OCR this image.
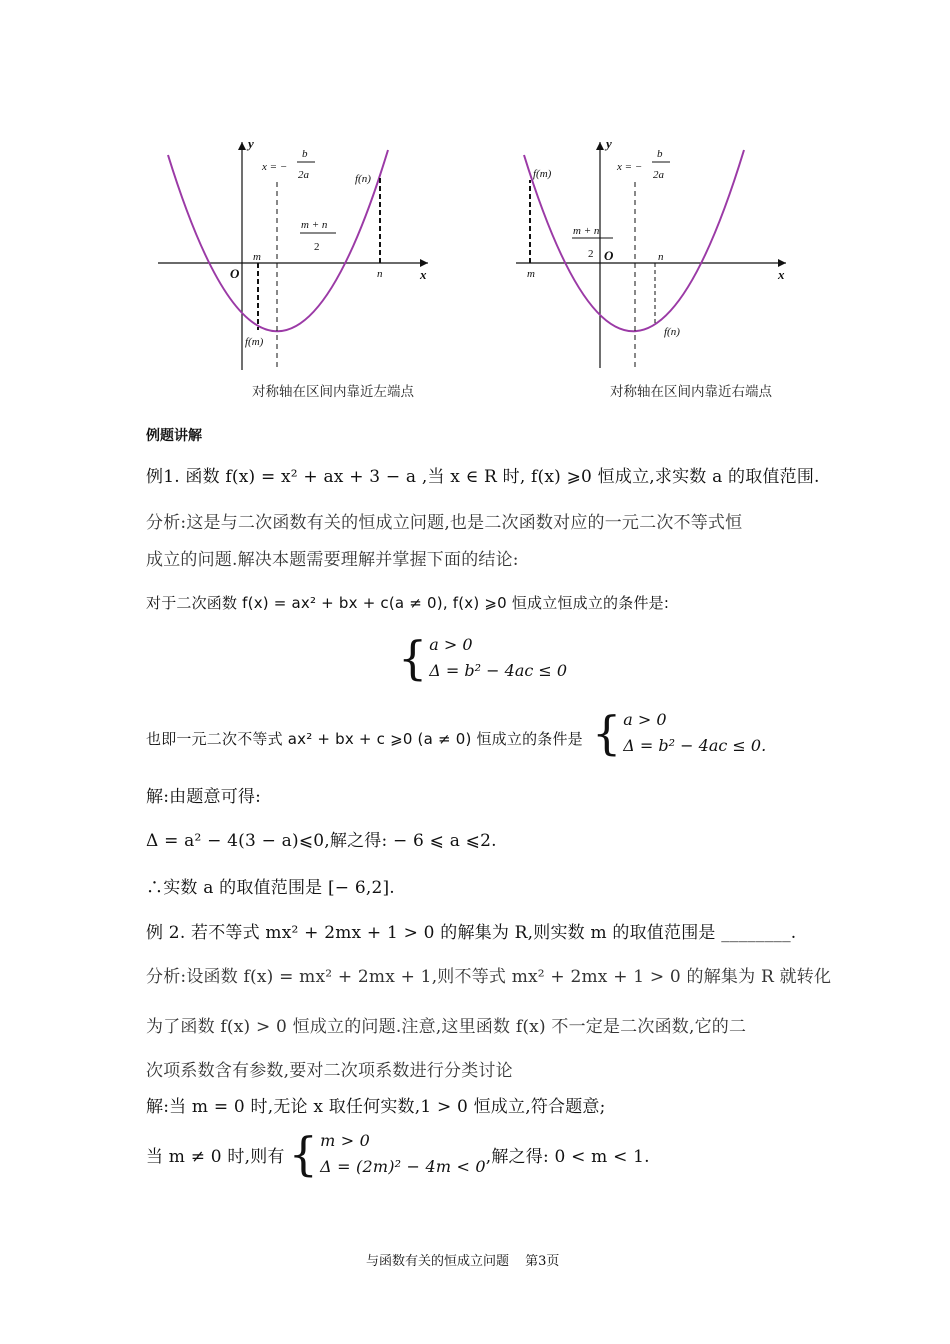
y
x
O
x = −
b
2a
m + n
2
m
n
f(m)
f(n)
对称轴在区间内靠近左端点
y
x
O
x = −
b
2a
m + n
2
m
n
f(m)
f(n)
对称轴在区间内靠近右端点
例题讲解
例1. 函数 f(x) = x² + ax + 3 − a ,当 x ∈ R 时, f(x) ⩾0 恒成立,求实数 a 的取值范围.
分析:这是与二次函数有关的恒成立问题,也是二次函数对应的一元二次不等式恒
成立的问题.解决本题需要理解并掌握下面的结论:
对于二次函数 f(x) = ax² + bx + c(a ≠ 0), f(x) ⩾0 恒成立恒成立的条件是:
{ a > 0
Δ = b² − 4ac ≤ 0
也即一元二次不等式 ax² + bx + c ⩾0 (a ≠ 0) 恒成立的条件是 { a > 0
Δ = b² − 4ac ≤ 0.
解:由题意可得:
Δ = a² − 4(3 − a)⩽0,解之得: − 6 ⩽ a ⩽2.
∴实数 a 的取值范围是 [− 6,2].
例 2. 若不等式 mx² + 2mx + 1 > 0 的解集为 R,则实数 m 的取值范围是 ________.
分析:设函数 f(x) = mx² + 2mx + 1,则不等式 mx² + 2mx + 1 > 0 的解集为 R 就转化
为了函数 f(x) > 0 恒成立的问题.注意,这里函数 f(x) 不一定是二次函数,它的二
次项系数含有参数,要对二次项系数进行分类讨论
解:当 m = 0 时,无论 x 取任何实数,1 > 0 恒成立,符合题意;
当 m ≠ 0 时,则有 { m > 0
Δ = (2m)² − 4m < 0 ,解之得: 0 < m < 1.
与函数有关的恒成立问题 第3页
